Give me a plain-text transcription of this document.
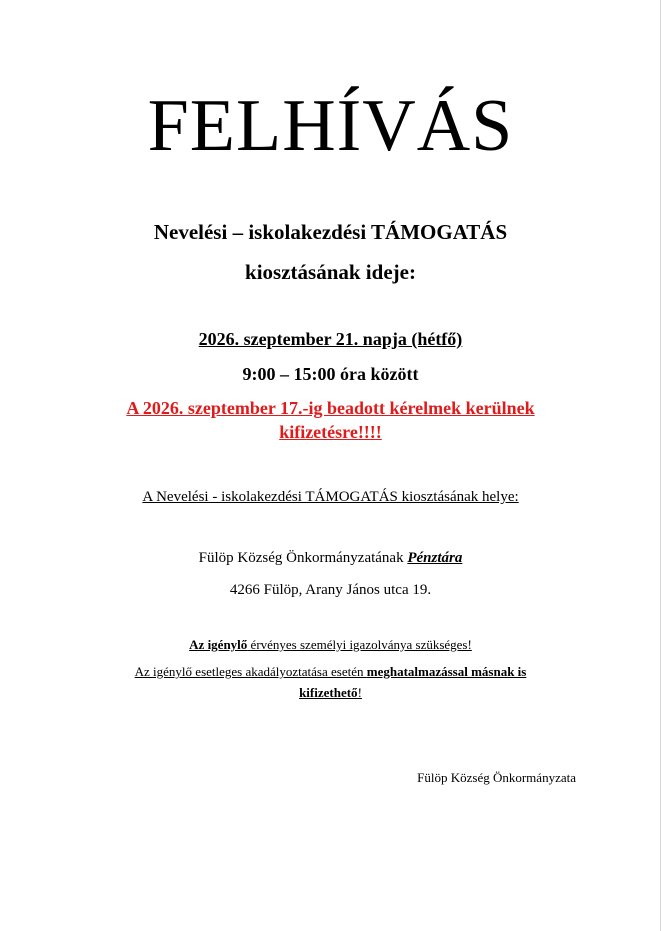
FELHÍVÁS
Nevelési – iskolakezdési TÁMOGATÁS
kiosztásának ideje:
2026. szeptember 21. napja (hétfő)
9:00 – 15:00 óra között
A 2026. szeptember 17.-ig beadott kérelmek kerülnek
kifizetésre!!!!
A Nevelési - iskolakezdési TÁMOGATÁS kiosztásának helye:
Fülöp Község Önkormányzatának Pénztára
4266 Fülöp, Arany János utca 19.
Az igénylő érvényes személyi igazolványa szükséges!
Az igénylő esetleges akadályoztatása esetén meghatalmazással másnak is
kifizethető!
Fülöp Község Önkormányzata
